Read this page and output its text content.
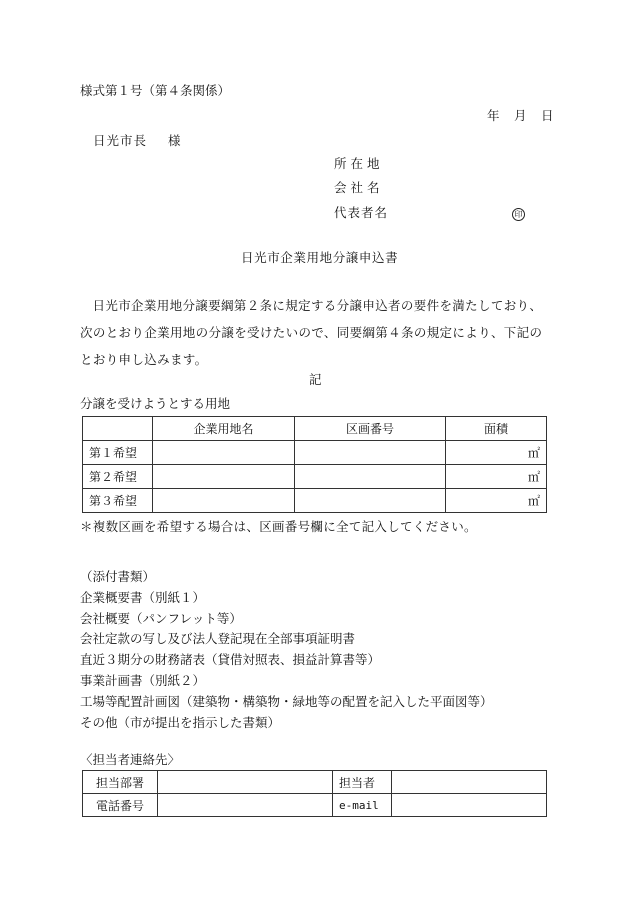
様式第１号（第４条関係）
年 月 日
日光市長 様
所 在 地
会 社 名
代表者名	印
日光市企業用地分譲申込書

日光市企業用地分譲要綱第２条に規定する分譲申込者の要件を満たしており、次のとおり企業用地の分譲を受けたいので、同要綱第４条の規定により、下記のとおり申し込みます。

記
分譲を受けようとする用地
	企業用地名	区画番号	面積
第１希望			㎡
第２希望			㎡
第３希望			㎡
＊複数区画を希望する場合は、区画番号欄に全て記入してください。
（添付書類）
企業概要書（別紙１）
会社概要（パンフレット等）
会社定款の写し及び法人登記現在全部事項証明書
直近３期分の財務諸表（貸借対照表、損益計算書等）
事業計画書（別紙２）
工場等配置計画図（建築物・構築物・緑地等の配置を記入した平面図等）
その他（市が提出を指示した書類）
〈担当者連絡先〉
担当部署		担当者	
電話番号		e-mail	
